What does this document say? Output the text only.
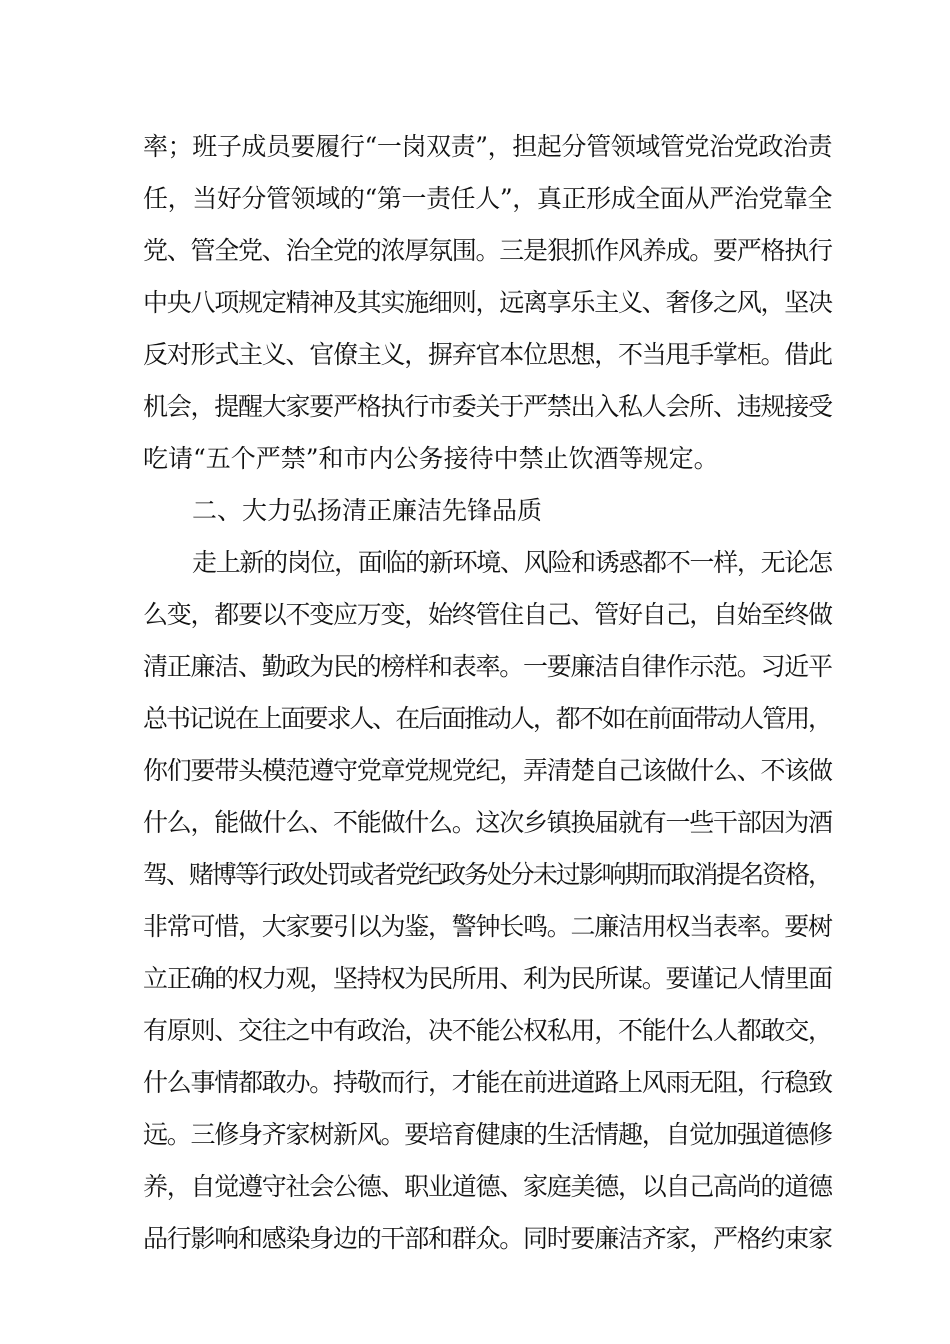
率；班子成员要履行“一岗双责”，担起分管领域管党治党政治责
任，当好分管领域的“第一责任人”，真正形成全面从严治党靠全
党、管全党、治全党的浓厚氛围。三是狠抓作风养成。要严格执行
中央八项规定精神及其实施细则，远离享乐主义、奢侈之风，坚决
反对形式主义、官僚主义，摒弃官本位思想，不当甩手掌柜。借此
机会，提醒大家要严格执行市委关于严禁出入私人会所、违规接受
吃请“五个严禁”和市内公务接待中禁止饮酒等规定。
二、大力弘扬清正廉洁先锋品质
走上新的岗位，面临的新环境、风险和诱惑都不一样，无论怎
么变，都要以不变应万变，始终管住自己、管好自己，自始至终做
清正廉洁、勤政为民的榜样和表率。一要廉洁自律作示范。习近平
总书记说在上面要求人、在后面推动人，都不如在前面带动人管用，
你们要带头模范遵守党章党规党纪，弄清楚自己该做什么、不该做
什么，能做什么、不能做什么。这次乡镇换届就有一些干部因为酒
驾、赌博等行政处罚或者党纪政务处分未过影响期而取消提名资格，
非常可惜，大家要引以为鉴，警钟长鸣。二廉洁用权当表率。要树
立正确的权力观，坚持权为民所用、利为民所谋。要谨记人情里面
有原则、交往之中有政治，决不能公权私用，不能什么人都敢交，
什么事情都敢办。持敬而行，才能在前进道路上风雨无阻，行稳致
远。三修身齐家树新风。要培育健康的生活情趣，自觉加强道德修
养，自觉遵守社会公德、职业道德、家庭美德，以自己高尚的道德
品行影响和感染身边的干部和群众。同时要廉洁齐家，严格约束家
